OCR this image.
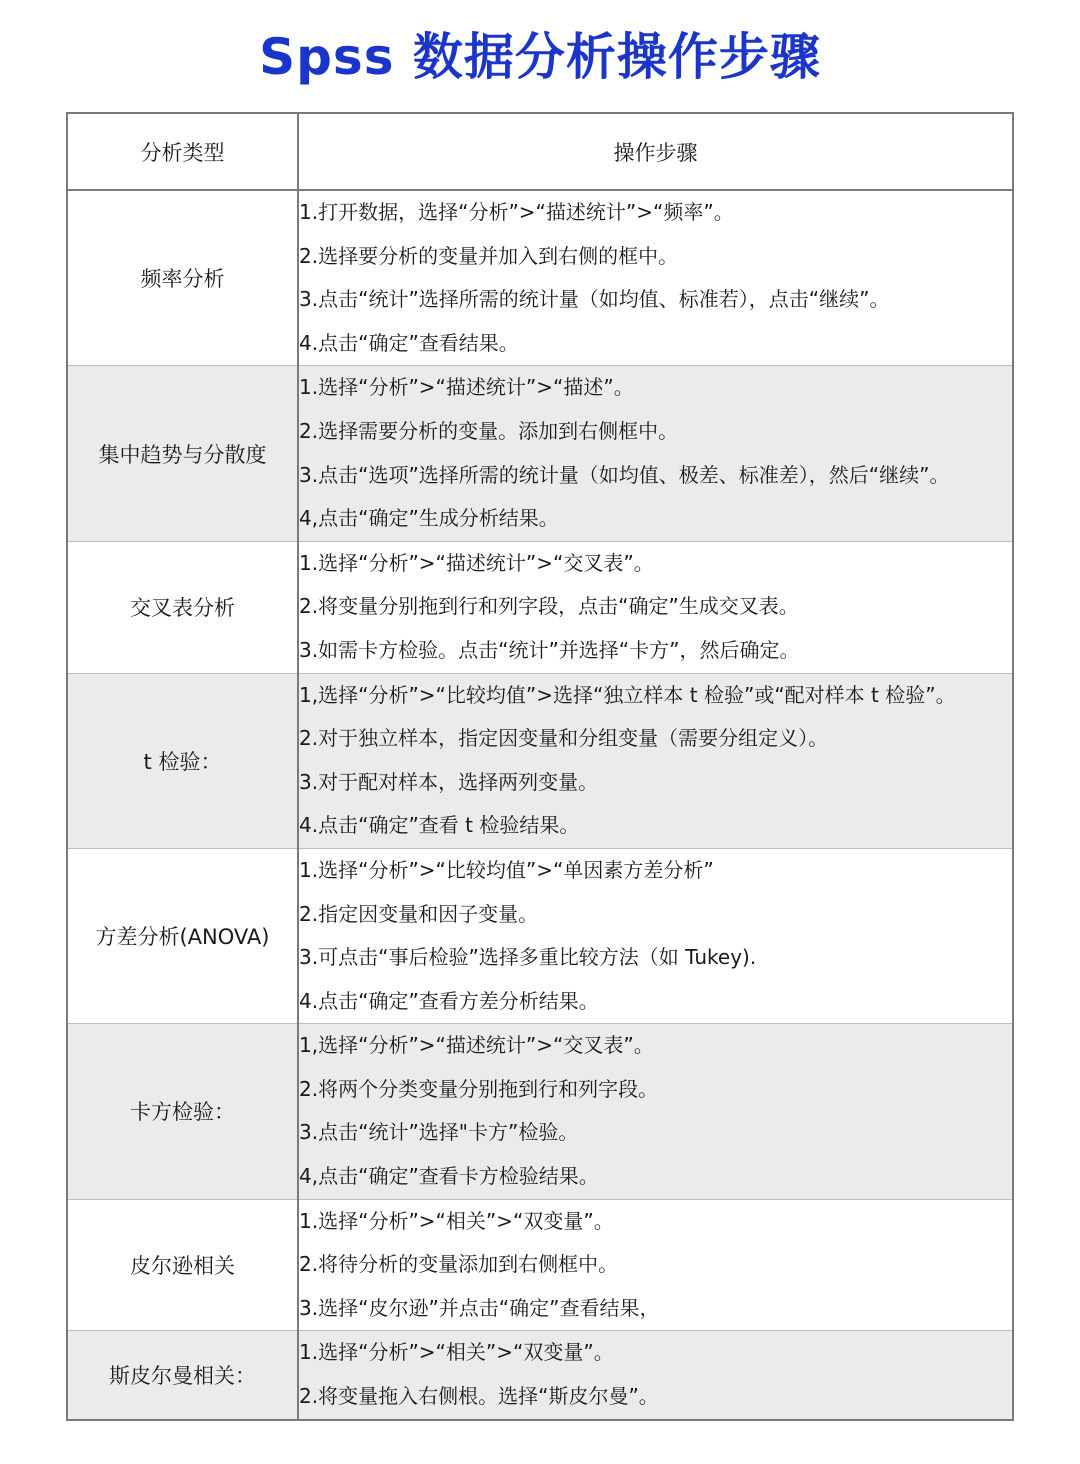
Spss 数据分析操作步骤
分析类型	操作步骤
频率分析	1.打开数据，选择“分析”>“描述统计”>“频率”。
2.选择要分析的变量并加入到右侧的框中。
3.点击“统计”选择所需的统计量（如均值、标准若），点击“继续”。
4.点击“确定”查看结果。

集中趋势与分散度	1.选择“分析”>“描述统计”>“描述”。
2.选择需要分析的变量。添加到右侧框中。
3.点击“选项”选择所需的统计量（如均值、极差、标准差），然后“继续”。
4,点击“确定”生成分析结果。

交叉表分析	1.选择“分析”>“描述统计”>“交叉表”。
2.将变量分别拖到行和列字段，点击“确定”生成交叉表。
3.如需卡方检验。点击“统计”并选择“卡方”，然后确定。

t 检验：	1,选择“分析”>“比较均值”>选择“独立样本 t 检验”或“配对样本 t 检验”。
2.对于独立样本，指定因变量和分组变量（需要分组定义）。
3.对于配对样本，选择两列变量。
4.点击“确定”查看 t 检验结果。

方差分析(ANOVA)	1.选择“分析”>“比较均值”>“单因素方差分析”
2.指定因变量和因子变量。
3.可点击“事后检验”选择多重比较方法（如 Tukey).
4.点击“确定”查看方差分析结果。

卡方检验：	1,选择“分析”>“描述统计”>“交叉表”。
2.将两个分类变量分别拖到行和列字段。
3.点击“统计”选择"卡方”检验。
4,点击“确定”查看卡方检验结果。

皮尔逊相关	1.选择“分析”>“相关”>“双变量”。
2.将待分析的变量添加到右侧框中。
3.选择“皮尔逊”并点击“确定”查看结果，

斯皮尔曼相关：	1.选择“分析”>“相关”>“双变量”。
2.将变量拖入右侧根。选择“斯皮尔曼”。
